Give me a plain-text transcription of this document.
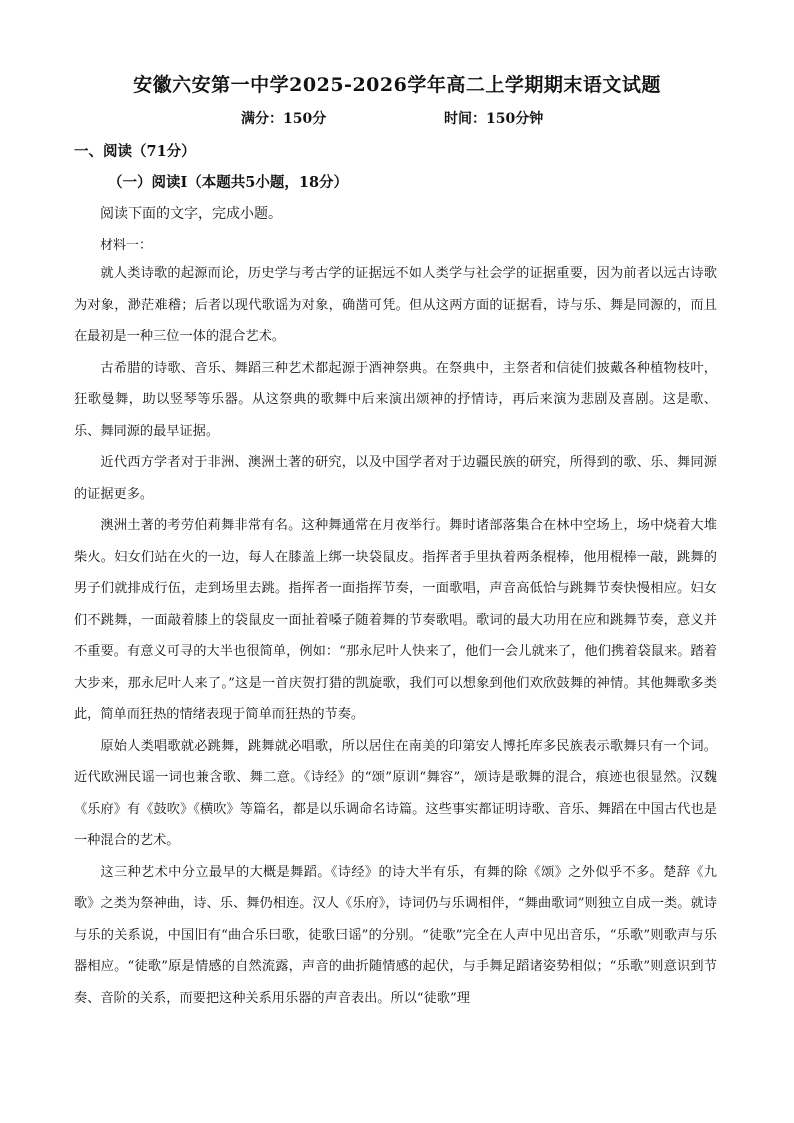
安徽六安第一中学2025-2026学年高二上学期期末语文试题
满分：150分	时间：150分钟
一、阅读（71分）
（一）阅读Ⅰ（本题共5小题，18分）
阅读下面的文字，完成小题。
材料一：

就人类诗歌的起源而论，历史学与考古学的证据远不如人类学与社会学的证据重要，因为前者以远古诗歌为对象，渺茫难稽；后者以现代歌谣为对象，确凿可凭。但从这两方面的证据看，诗与乐、舞是同源的，而且在最初是一种三位一体的混合艺术。

古希腊的诗歌、音乐、舞蹈三种艺术都起源于酒神祭典。在祭典中，主祭者和信徒们披戴各种植物枝叶，狂歌曼舞，助以竖琴等乐器。从这祭典的歌舞中后来演出颂神的抒情诗，再后来演为悲剧及喜剧。这是歌、乐、舞同源的最早证据。

近代西方学者对于非洲、澳洲土著的研究，以及中国学者对于边疆民族的研究，所得到的歌、乐、舞同源的证据更多。

澳洲土著的考劳伯莉舞非常有名。这种舞通常在月夜举行。舞时诸部落集合在林中空场上，场中烧着大堆柴火。妇女们站在火的一边，每人在膝盖上绑一块袋鼠皮。指挥者手里执着两条棍棒，他用棍棒一敲，跳舞的男子们就排成行伍，走到场里去跳。指挥者一面指挥节奏，一面歌唱，声音高低恰与跳舞节奏快慢相应。妇女们不跳舞，一面敲着膝上的袋鼠皮一面扯着嗓子随着舞的节奏歌唱。歌词的最大功用在应和跳舞节奏，意义并不重要。有意义可寻的大半也很简单，例如：“那永尼叶人快来了，他们一会儿就来了，他们携着袋鼠来。踏着大步来，那永尼叶人来了。”这是一首庆贺打猎的凯旋歌，我们可以想象到他们欢欣鼓舞的神情。其他舞歌多类此，简单而狂热的情绪表现于简单而狂热的节奏。

原始人类唱歌就必跳舞，跳舞就必唱歌，所以居住在南美的印第安人博托库多民族表示歌舞只有一个词。近代欧洲民谣一词也兼含歌、舞二意。《诗经》的“颂”原训“舞容”，颂诗是歌舞的混合，痕迹也很显然。汉魏《乐府》有《鼓吹》《横吹》等篇名，都是以乐调命名诗篇。这些事实都证明诗歌、音乐、舞蹈在中国古代也是一种混合的艺术。

这三种艺术中分立最早的大概是舞蹈。《诗经》的诗大半有乐，有舞的除《颂》之外似乎不多。楚辞《九歌》之类为祭神曲，诗、乐、舞仍相连。汉人《乐府》，诗词仍与乐调相伴，“舞曲歌词”则独立自成一类。就诗与乐的关系说，中国旧有“曲合乐曰歌，徒歌曰谣”的分别。“徒歌”完全在人声中见出音乐，“乐歌”则歌声与乐器相应。“徒歌”原是情感的自然流露，声音的曲折随情感的起伏，与手舞足蹈诸姿势相似；“乐歌”则意识到节奏、音阶的关系，而要把这种关系用乐器的声音表出。所以“徒歌”理
